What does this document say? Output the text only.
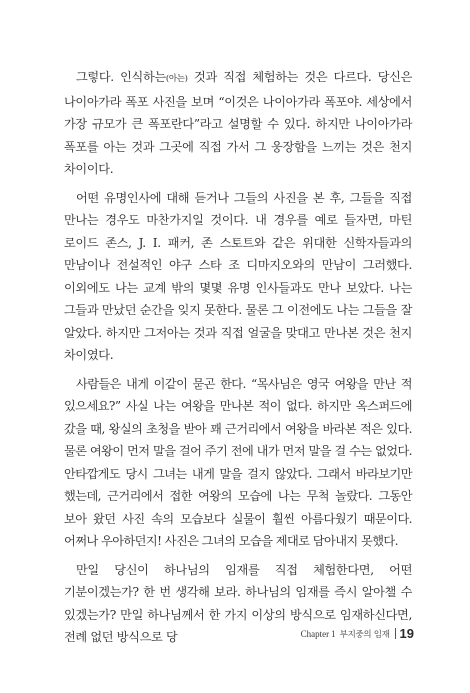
그렇다. 인식하는(아는) 것과 직접 체험하는 것은 다르다. 당신은 나이아가라 폭포 사진을 보며 “이것은 나이아가라 폭포야. 세상에서 가장 규모가 큰 폭포란다”라고 설명할 수 있다. 하지만 나이아가라 폭포를 아는 것과 그곳에 직접 가서 그 웅장함을 느끼는 것은 천지 차이이다.

어떤 유명인사에 대해 듣거나 그들의 사진을 본 후, 그들을 직접 만나는 경우도 마찬가지일 것이다. 내 경우를 예로 들자면, 마틴 로이드 존스, J. I. 패커, 존 스토트와 같은 위대한 신학자들과의 만남이나 전설적인 야구 스타 조 디마지오와의 만남이 그러했다. 이외에도 나는 교계 밖의 몇몇 유명 인사들과도 만나 보았다. 나는 그들과 만났던 순간을 잊지 못한다. 물론 그 이전에도 나는 그들을 잘 알았다. 하지만 그저아는 것과 직접 얼굴을 맞대고 만나본 것은 천지 차이였다.

사람들은 내게 이같이 묻곤 한다. “목사님은 영국 여왕을 만난 적 있으세요?” 사실 나는 여왕을 만나본 적이 없다. 하지만 옥스퍼드에 갔을 때, 왕실의 초청을 받아 꽤 근거리에서 여왕을 바라본 적은 있다. 물론 여왕이 먼저 말을 걸어 주기 전에 내가 먼저 말을 걸 수는 없었다. 안타깝게도 당시 그녀는 내게 말을 걸지 않았다. 그래서 바라보기만 했는데, 근거리에서 접한 여왕의 모습에 나는 무척 놀랐다. 그동안 보아 왔던 사진 속의 모습보다 실물이 훨씬 아름다웠기 때문이다. 어쩌나 우아하던지! 사진은 그녀의 모습을 제대로 담아내지 못했다.

만일 당신이 하나님의 임재를 직접 체험한다면, 어떤 기분이겠는가? 한 번 생각해 보라. 하나님의 임재를 즉시 알아챌 수 있겠는가? 만일 하나님께서 한 가지 이상의 방식으로 임재하신다면, 전례 없던 방식으로 당	Chapter 1 부지중의 임재 19
